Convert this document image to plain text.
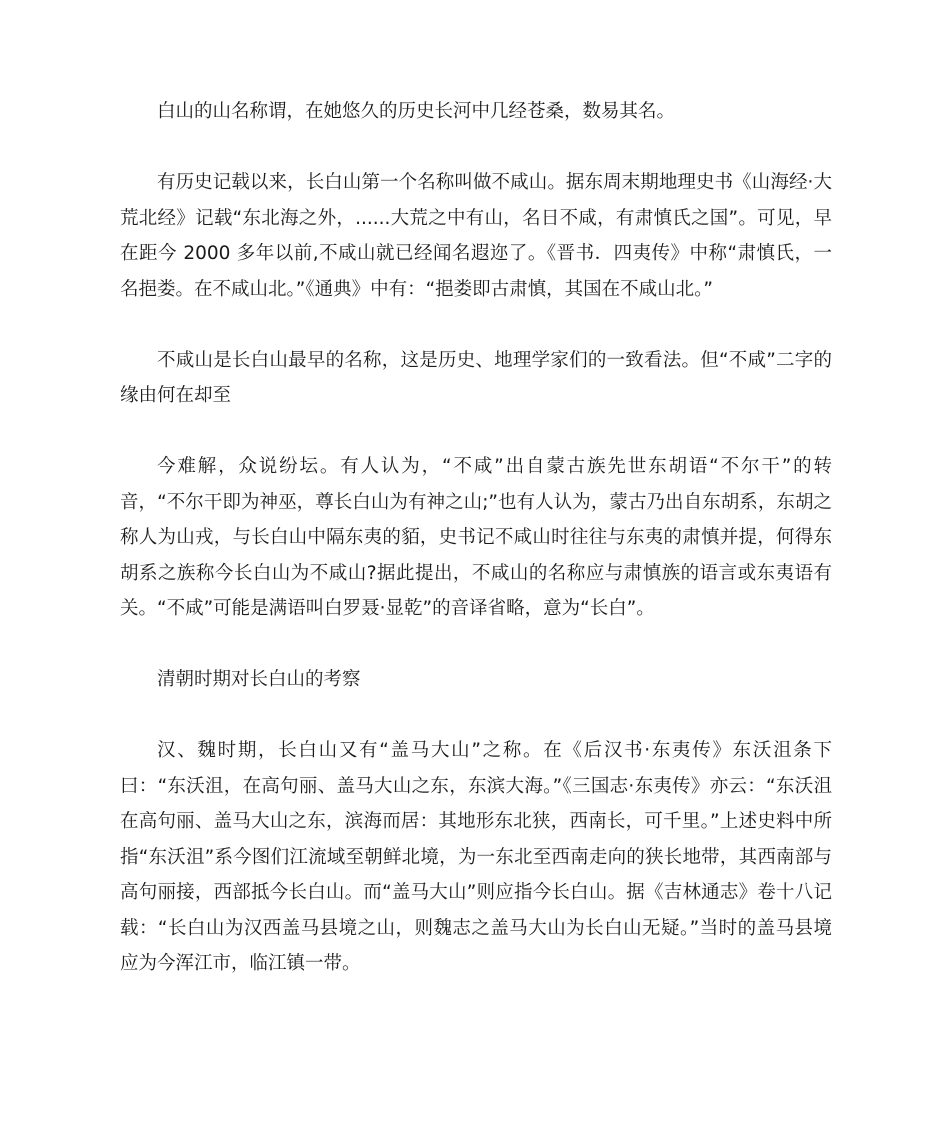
白山的山名称谓，在她悠久的历史长河中几经苍桑，数易其名。

有历史记载以来，长白山第一个名称叫做不咸山。据东周末期地理史书《山海经·大荒北经》记载“东北海之外，......大荒之中有山，名日不咸，有肃慎氏之国”。可见，早在距今 2000 多年以前,不咸山就已经闻名遐迩了。《晋书．四夷传》中称“肃慎氏，一名挹娄。在不咸山北。”《通典》中有：“挹娄即古肃慎，其国在不咸山北。”

不咸山是长白山最早的名称，这是历史、地理学家们的一致看法。但“不咸”二字的缘由何在却至

今难解，众说纷坛。有人认为，“不咸”出自蒙古族先世东胡语“不尔干”的转音，“不尔干即为神巫，尊长白山为有神之山;”也有人认为，蒙古乃出自东胡系，东胡之称人为山戎，与长白山中隔东夷的貊，史书记不咸山时往往与东夷的肃慎并提，何得东胡系之族称今长白山为不咸山?据此提出，不咸山的名称应与肃慎族的语言或东夷语有关。“不咸”可能是满语叫白罗聂·显乾”的音译省略，意为“长白”。

清朝时期对长白山的考察

汉、魏时期，长白山又有“盖马大山”之称。在《后汉书·东夷传》东沃沮条下曰：“东沃沮，在高句丽、盖马大山之东，东滨大海。”《三国志·东夷传》亦云：“东沃沮在高句丽、盖马大山之东，滨海而居：其地形东北狭，西南长，可千里。”上述史料中所指“东沃沮”系今图们江流域至朝鲜北境，为一东北至西南走向的狭长地带，其西南部与高句丽接，西部抵今长白山。而“盖马大山”则应指今长白山。据《吉林通志》卷十八记载：“长白山为汉西盖马县境之山，则魏志之盖马大山为长白山无疑。”当时的盖马县境应为今浑江市，临江镇一带。
